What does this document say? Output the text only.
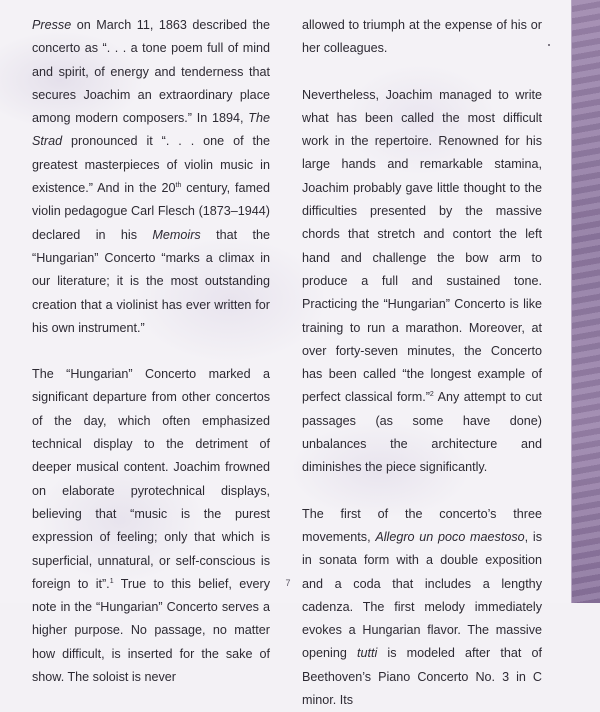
Presse on March 11, 1863 described the concerto as “. . . a tone poem full of mind and spirit, of energy and tenderness that secures Joachim an extraordinary place among modern composers.” In 1894, The Strad pronounced it “. . . one of the greatest masterpieces of violin music in existence.” And in the 20th century, famed violin pedagogue Carl Flesch (1873–1944) declared in his Memoirs that the “Hungarian” Concerto “marks a climax in our literature; it is the most outstanding creation that a violinist has ever written for his own instrument.”

The “Hungarian” Concerto marked a significant departure from other concertos of the day, which often emphasized technical display to the detriment of deeper musical content. Joachim frowned on elaborate pyrotechnical displays, believing that “music is the purest expression of feeling; only that which is superficial, unnatural, or self-conscious is foreign to it”.$^1$ True to this belief, every note in the “Hungarian” Concerto serves a higher purpose. No passage, no matter how difficult, is inserted for the sake of show. The soloist is never

allowed to triumph at the expense of his or her colleagues.

Nevertheless, Joachim managed to write what has been called the most difficult work in the repertoire. Renowned for his large hands and remarkable stamina, Joachim probably gave little thought to the difficulties presented by the massive chords that stretch and contort the left hand and challenge the bow arm to produce a full and sustained tone. Practicing the “Hungarian” Concerto is like training to run a marathon. Moreover, at over forty-seven minutes, the Concerto has been called “the longest example of perfect classical form.”$^2$ Any attempt to cut passages (as some have done) unbalances the architecture and diminishes the piece significantly.

The first of the concerto’s three movements, Allegro un poco maestoso, is in sonata form with a double exposition and a coda that includes a lengthy cadenza. The first melody immediately evokes a Hungarian flavor. The massive opening tutti is modeled after that of Beethoven’s Piano Concerto No. 3 in C minor. Its

7
